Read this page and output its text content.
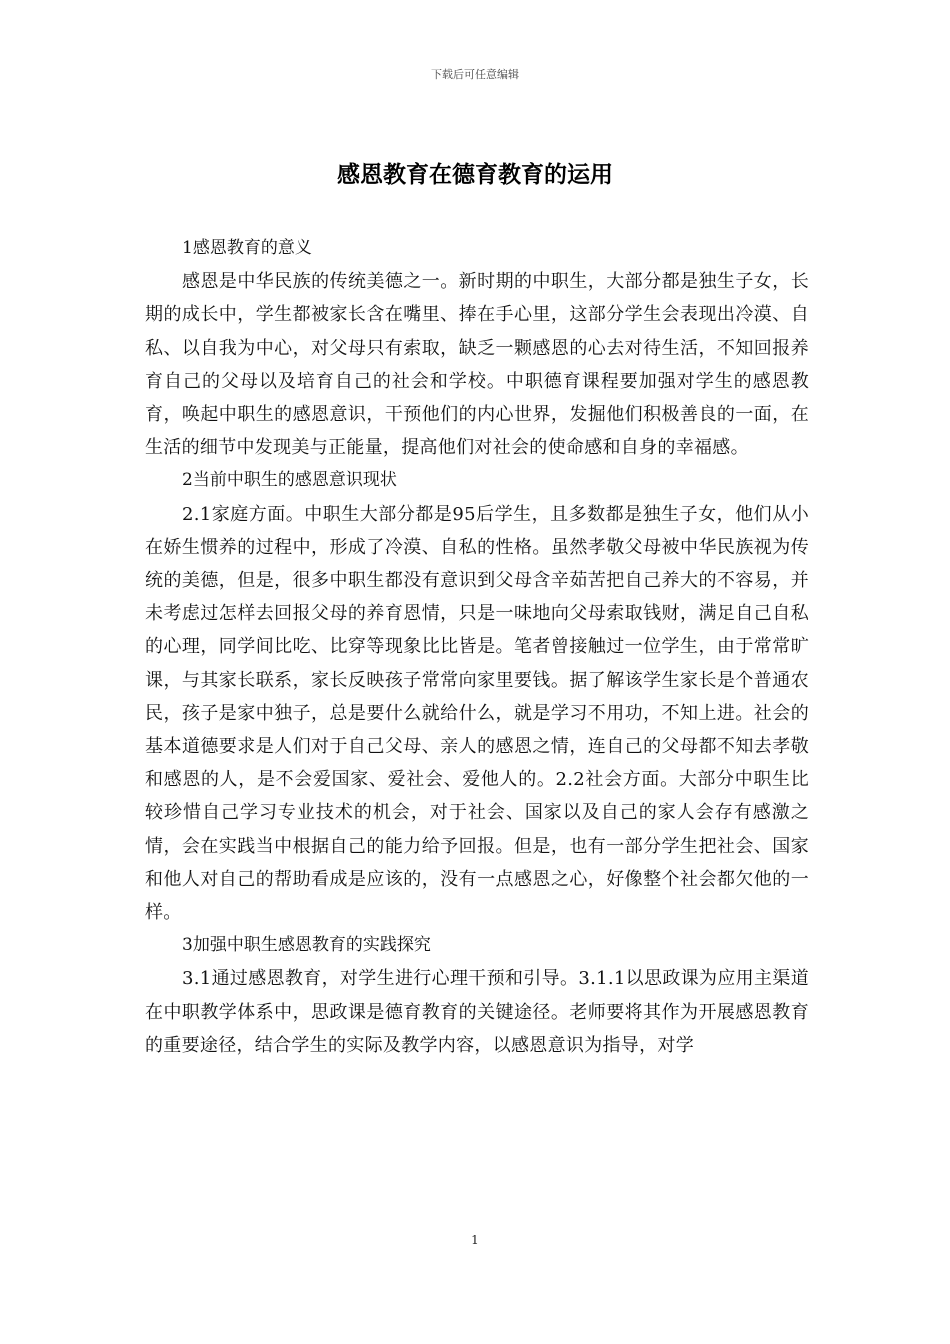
下载后可任意编辑
感恩教育在德育教育的运用

1感恩教育的意义

感恩是中华民族的传统美德之一。新时期的中职生，大部分都是独生子女，长期的成长中，学生都被家长含在嘴里、捧在手心里，这部分学生会表现出冷漠、自私、以自我为中心，对父母只有索取，缺乏一颗感恩的心去对待生活，不知回报养育自己的父母以及培育自己的社会和学校。中职德育课程要加强对学生的感恩教育，唤起中职生的感恩意识，干预他们的内心世界，发掘他们积极善良的一面，在生活的细节中发现美与正能量，提高他们对社会的使命感和自身的幸福感。

2当前中职生的感恩意识现状

2.1家庭方面。中职生大部分都是95后学生，且多数都是独生子女，他们从小在娇生惯养的过程中，形成了冷漠、自私的性格。虽然孝敬父母被中华民族视为传统的美德，但是，很多中职生都没有意识到父母含辛茹苦把自己养大的不容易，并未考虑过怎样去回报父母的养育恩情，只是一味地向父母索取钱财，满足自己自私的心理，同学间比吃、比穿等现象比比皆是。笔者曾接触过一位学生，由于常常旷课，与其家长联系，家长反映孩子常常向家里要钱。据了解该学生家长是个普通农民，孩子是家中独子，总是要什么就给什么，就是学习不用功，不知上进。社会的基本道德要求是人们对于自己父母、亲人的感恩之情，连自己的父母都不知去孝敬和感恩的人，是不会爱国家、爱社会、爱他人的。2.2社会方面。大部分中职生比较珍惜自己学习专业技术的机会，对于社会、国家以及自己的家人会存有感激之情，会在实践当中根据自己的能力给予回报。但是，也有一部分学生把社会、国家和他人对自己的帮助看成是应该的，没有一点感恩之心，好像整个社会都欠他的一样。

3加强中职生感恩教育的实践探究

3.1通过感恩教育，对学生进行心理干预和引导。3.1.1以思政课为应用主渠道在中职教学体系中，思政课是德育教育的关键途径。老师要将其作为开展感恩教育的重要途径，结合学生的实际及教学内容，以感恩意识为指导，对学

1
